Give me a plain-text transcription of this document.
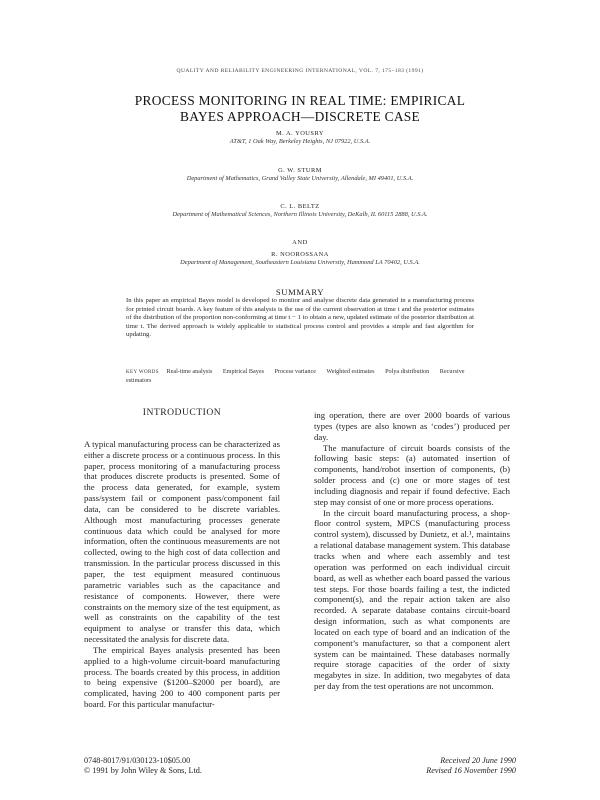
QUALITY AND RELIABILITY ENGINEERING INTERNATIONAL, VOL. 7, 175–183 (1991)
PROCESS MONITORING IN REAL TIME: EMPIRICAL
BAYES APPROACH—DISCRETE CASE
M. A. YOUSRY
AT&T, 1 Oak Way, Berkeley Heights, NJ 07922, U.S.A.
G. W. STURM
Department of Mathematics, Grand Valley State University, Allendale, MI 49401, U.S.A.
C. L. BELTZ
Department of Mathematical Sciences, Northern Illinois University, DeKalb, IL 60115 2888, U.S.A.
AND
R. NOOROSSANA
Department of Management, Southeastern Louisiana University, Hammond LA 70402, U.S.A.
SUMMARY

In this paper an empirical Bayes model is developed to monitor and analyse discrete data generated in a manufacturing process for printed circuit boards. A key feature of this analysis is the use of the current observation at time t and the posterior estimates of the distribution of the proportion non-conforming at time t − 1 to obtain a new, updated estimate of the posterior distribution at time t. The derived approach is widely applicable to statistical process control and provides a simple and fast algorithm for updating.

KEY WORDS Real-time analysis Empirical Bayes Process variance Weighted estimates Polya distribution Recursive estimators
INTRODUCTION

A typical manufacturing process can be characterized as either a discrete process or a continuous process. In this paper, process monitoring of a manufacturing process that produces discrete products is presented. Some of the process data generated, for example, system pass/system fail or component pass/component fail data, can be considered to be discrete variables. Although most manufacturing processes generate continuous data which could be analysed for more information, often the continuous measurements are not collected, owing to the high cost of data collection and transmission. In the particular process discussed in this paper, the test equipment measured continuous parametric variables such as the capacitance and resistance of components. However, there were constraints on the memory size of the test equipment, as well as constraints on the capability of the test equipment to analyse or transfer this data, which necessitated the analysis for discrete data.

The empirical Bayes analysis presented has been applied to a high-volume circuit-board manufacturing process. The boards created by this process, in addition to being expensive ($1200–$2000 per board), are complicated, having 200 to 400 component parts per board. For this particular manufactur-

ing operation, there are over 2000 boards of various types (types are also known as ‘codes’) produced per day.

The manufacture of circuit boards consists of the following basic steps: (a) automated insertion of components, hand/robot insertion of components, (b) solder process and (c) one or more stages of test including diagnosis and repair if found defective. Each step may consist of one or more process operations.

In the circuit board manufacturing process, a shop-floor control system, MPCS (manufacturing process control system), discussed by Dunietz, et al.¹, maintains a relational database management system. This database tracks when and where each assembly and test operation was performed on each individual circuit board, as well as whether each board passed the various test steps. For those boards failing a test, the indicted component(s), and the repair action taken are also recorded. A separate database contains circuit-board design information, such as what components are located on each type of board and an indication of the component’s manufacturer, so that a component alert system can be maintained. These databases normally require storage capacities of the order of sixty megabytes in size. In addition, two megabytes of data per day from the test operations are not uncommon.

0748-8017/91/030123-10$05.00
© 1991 by John Wiley & Sons, Ltd.
Received 20 June 1990
Revised 16 November 1990
